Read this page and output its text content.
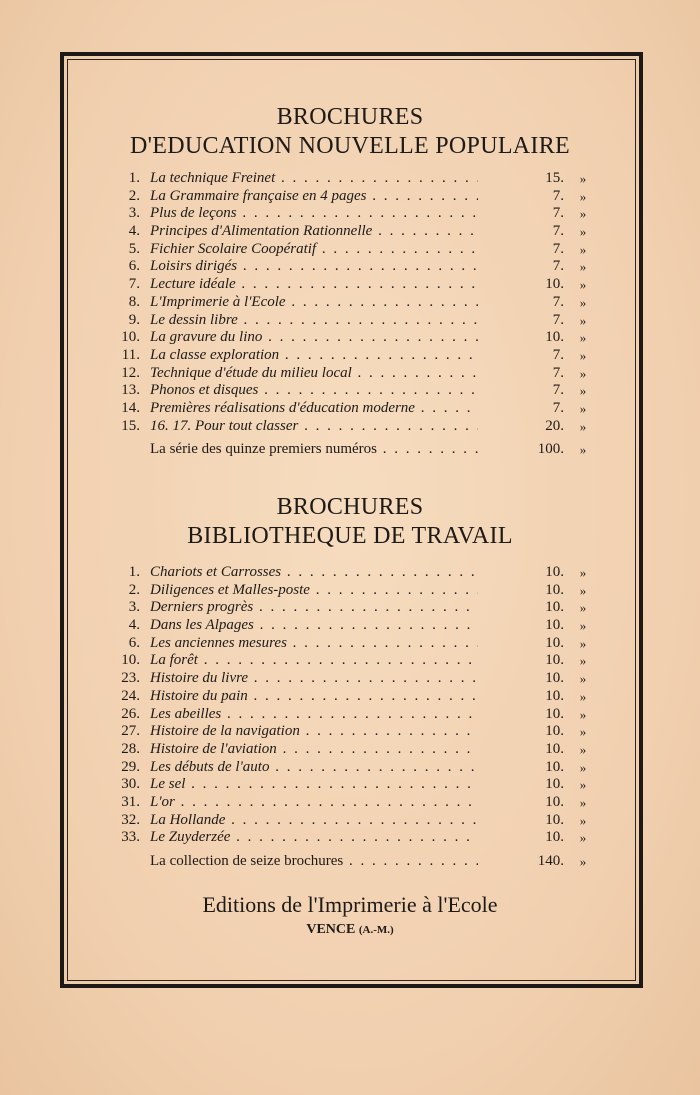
BROCHURES
D'EDUCATION NOUVELLE POPULAIRE
1. La technique Freinet . . .	15. »
2. La Grammaire française en 4 pages . . .	7. »
3. Plus de leçons . . .	7. »
4. Principes d'Alimentation Rationnelle . . .	7. »
5. Fichier Scolaire Coopératif . . .	7. »
6. Loisirs dirigés . . .	7. »
7. Lecture idéale . . .	10. »
8. L'Imprimerie à l'Ecole . . .	7. »
9. Le dessin libre . . .	7. »
10. La gravure du lino . . .	10. »
11. La classe exploration . . .	7. »
12. Technique d'étude du milieu local . . .	7. »
13. Phonos et disques . . .	7. »
14. Premières réalisations d'éducation moderne . . .	7. »
15. 16. 17. Pour tout classer . . .	20. »
La série des quinze premiers numéros . . .	100. »
BROCHURES
BIBLIOTHEQUE DE TRAVAIL
1. Chariots et Carrosses . . .	10. »
2. Diligences et Malles-poste . . .	10. »
3. Derniers progrès . . .	10. »
4. Dans les Alpages . . .	10. »
6. Les anciennes mesures . . .	10. »
10. La forêt . . .	10. »
23. Histoire du livre . . .	10. »
24. Histoire du pain . . .	10. »
26. Les abeilles . . .	10. »
27. Histoire de la navigation . . .	10. »
28. Histoire de l'aviation . . .	10. »
29. Les débuts de l'auto . . .	10. »
30. Le sel . . .	10. »
31. L'or . . .	10. »
32. La Hollande . . .	10. »
33. Le Zuyderzée . . .	10. »
La collection de seize brochures . . .	140. »
Editions de l'Imprimerie à l'Ecole
VENCE (A.-M.)
